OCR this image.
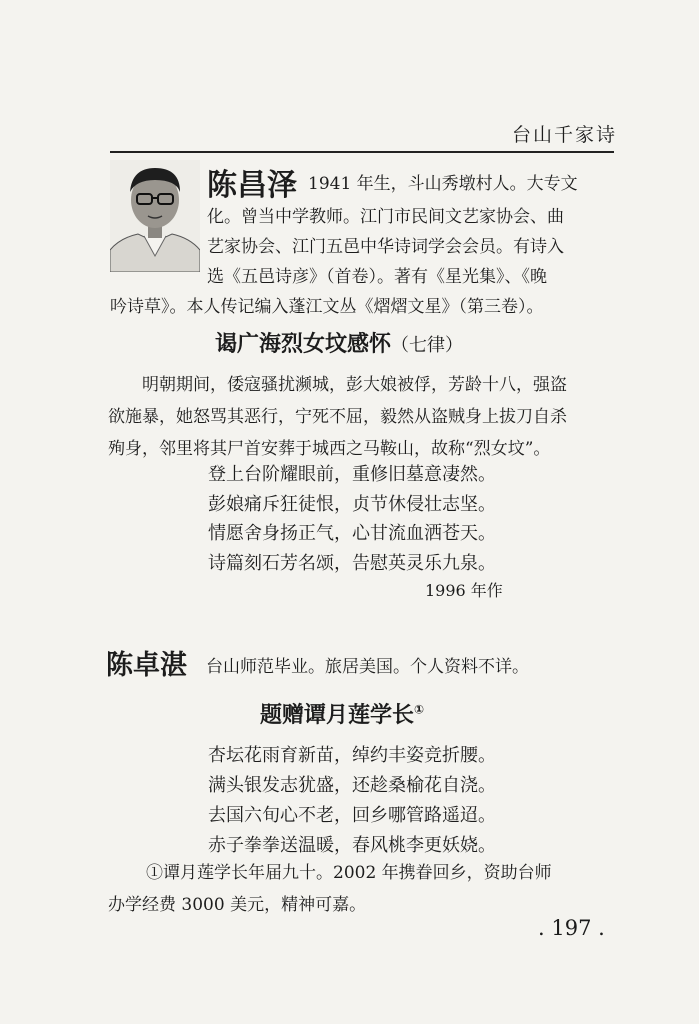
台山千家诗
陈昌泽 1941 年生，斗山秀墩村人。大专文
化。曾当中学教师。江门市民间文艺家协会、曲
艺家协会、江门五邑中华诗词学会会员。有诗入
选《五邑诗彦》（首卷）。著有《星光集》、《晚
吟诗草》。本人传记编入蓬江文丛《熠熠文星》（第三卷）。
谒广海烈女坟感怀（七律）
明朝期间，倭寇骚扰濒城，彭大娘被俘，芳龄十八，强盗
欲施暴，她怒骂其恶行，宁死不屈，毅然从盗贼身上拔刀自杀
殉身，邻里将其尸首安葬于城西之马鞍山，故称“烈女坟”。
登上台阶耀眼前，重修旧墓意凄然。
彭娘痛斥狂徒恨，贞节休侵壮志坚。
情愿舍身扬正气，心甘流血洒苍天。
诗篇刻石芳名颂，告慰英灵乐九泉。
1996 年作
陈卓湛 台山师范毕业。旅居美国。个人资料不详。
题赠谭月莲学长①
杏坛花雨育新苗，绰约丰姿竞折腰。
满头银发志犹盛，还趁桑榆花自浇。
去国六旬心不老，回乡哪管路遥迢。
赤子拳拳送温暖，春风桃李更妖娆。
①谭月莲学长年届九十。2002 年携眷回乡，资助台师
办学经费 3000 美元，精神可嘉。
. 197 .
